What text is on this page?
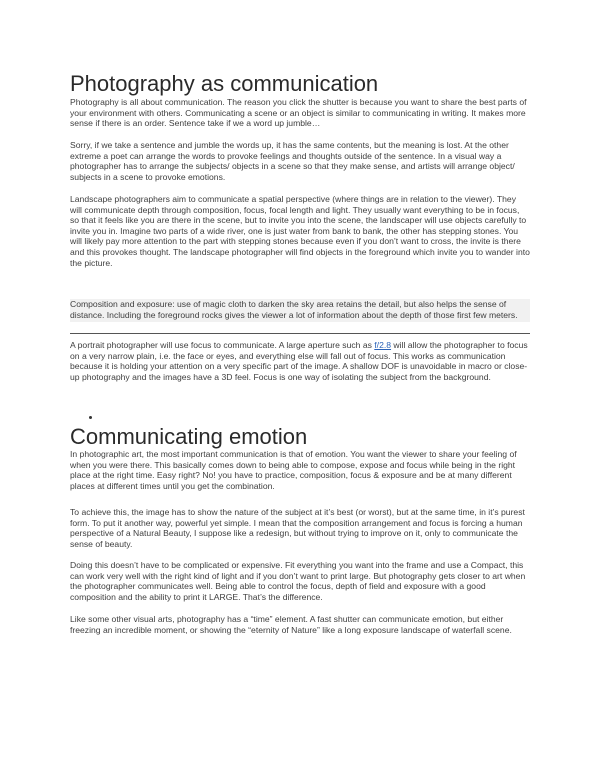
Photography as communication

Photography is all about communication. The reason you click the shutter is because you want to share the best parts of your environment with others. Communicating a scene or an object is similar to communicating in writing. It makes more sense if there is an order. Sentence take if we a word up jumble…

Sorry, if we take a sentence and jumble the words up, it has the same contents, but the meaning is lost. At the other extreme a poet can arrange the words to provoke feelings and thoughts outside of the sentence. In a visual way a photographer has to arrange the subjects/ objects in a scene so that they make sense, and artists will arrange object/ subjects in a scene to provoke emotions.

Landscape photographers aim to communicate a spatial perspective (where things are in relation to the viewer). They will communicate depth through composition, focus, focal length and light. They usually want everything to be in focus, so that it feels like you are there in the scene, but to invite you into the scene, the landscaper will use objects carefully to invite you in. Imagine two parts of a wide river, one is just water from bank to bank, the other has stepping stones. You will likely pay more attention to the part with stepping stones because even if you don’t want to cross, the invite is there and this provokes thought. The landscape photographer will find objects in the foreground which invite you to wander into the picture.

Composition and exposure: use of magic cloth to darken the sky area retains the detail, but also helps the sense of distance. Including the foreground rocks gives the viewer a lot of information about the depth of those first few meters.

A portrait photographer will use focus to communicate. A large aperture such as f/2.8 will allow the photographer to focus on a very narrow plain, i.e. the face or eyes, and everything else will fall out of focus. This works as communication because it is holding your attention on a very specific part of the image. A shallow DOF is unavoidable in macro or close-up photography and the images have a 3D feel. Focus is one way of isolating the subject from the background.

Communicating emotion

In photographic art, the most important communication is that of emotion. You want the viewer to share your feeling of when you were there. This basically comes down to being able to compose, expose and focus while being in the right place at the right time. Easy right? No! you have to practice, composition, focus & exposure and be at many different places at different times until you get the combination.

To achieve this, the image has to show the nature of the subject at it’s best (or worst), but at the same time, in it’s purest form. To put it another way, powerful yet simple. I mean that the composition arrangement and focus is forcing a human perspective of a Natural Beauty, I suppose like a redesign, but without trying to improve on it, only to communicate the sense of beauty.

Doing this doesn’t have to be complicated or expensive. Fit everything you want into the frame and use a Compact, this can work very well with the right kind of light and if you don’t want to print large. But photography gets closer to art when the photographer communicates well. Being able to control the focus, depth of field and exposure with a good composition and the ability to print it LARGE. That’s the difference.

Like some other visual arts, photography has a “time” element. A fast shutter can communicate emotion, but either freezing an incredible moment, or showing the “eternity of Nature” like a long exposure landscape of waterfall scene.
